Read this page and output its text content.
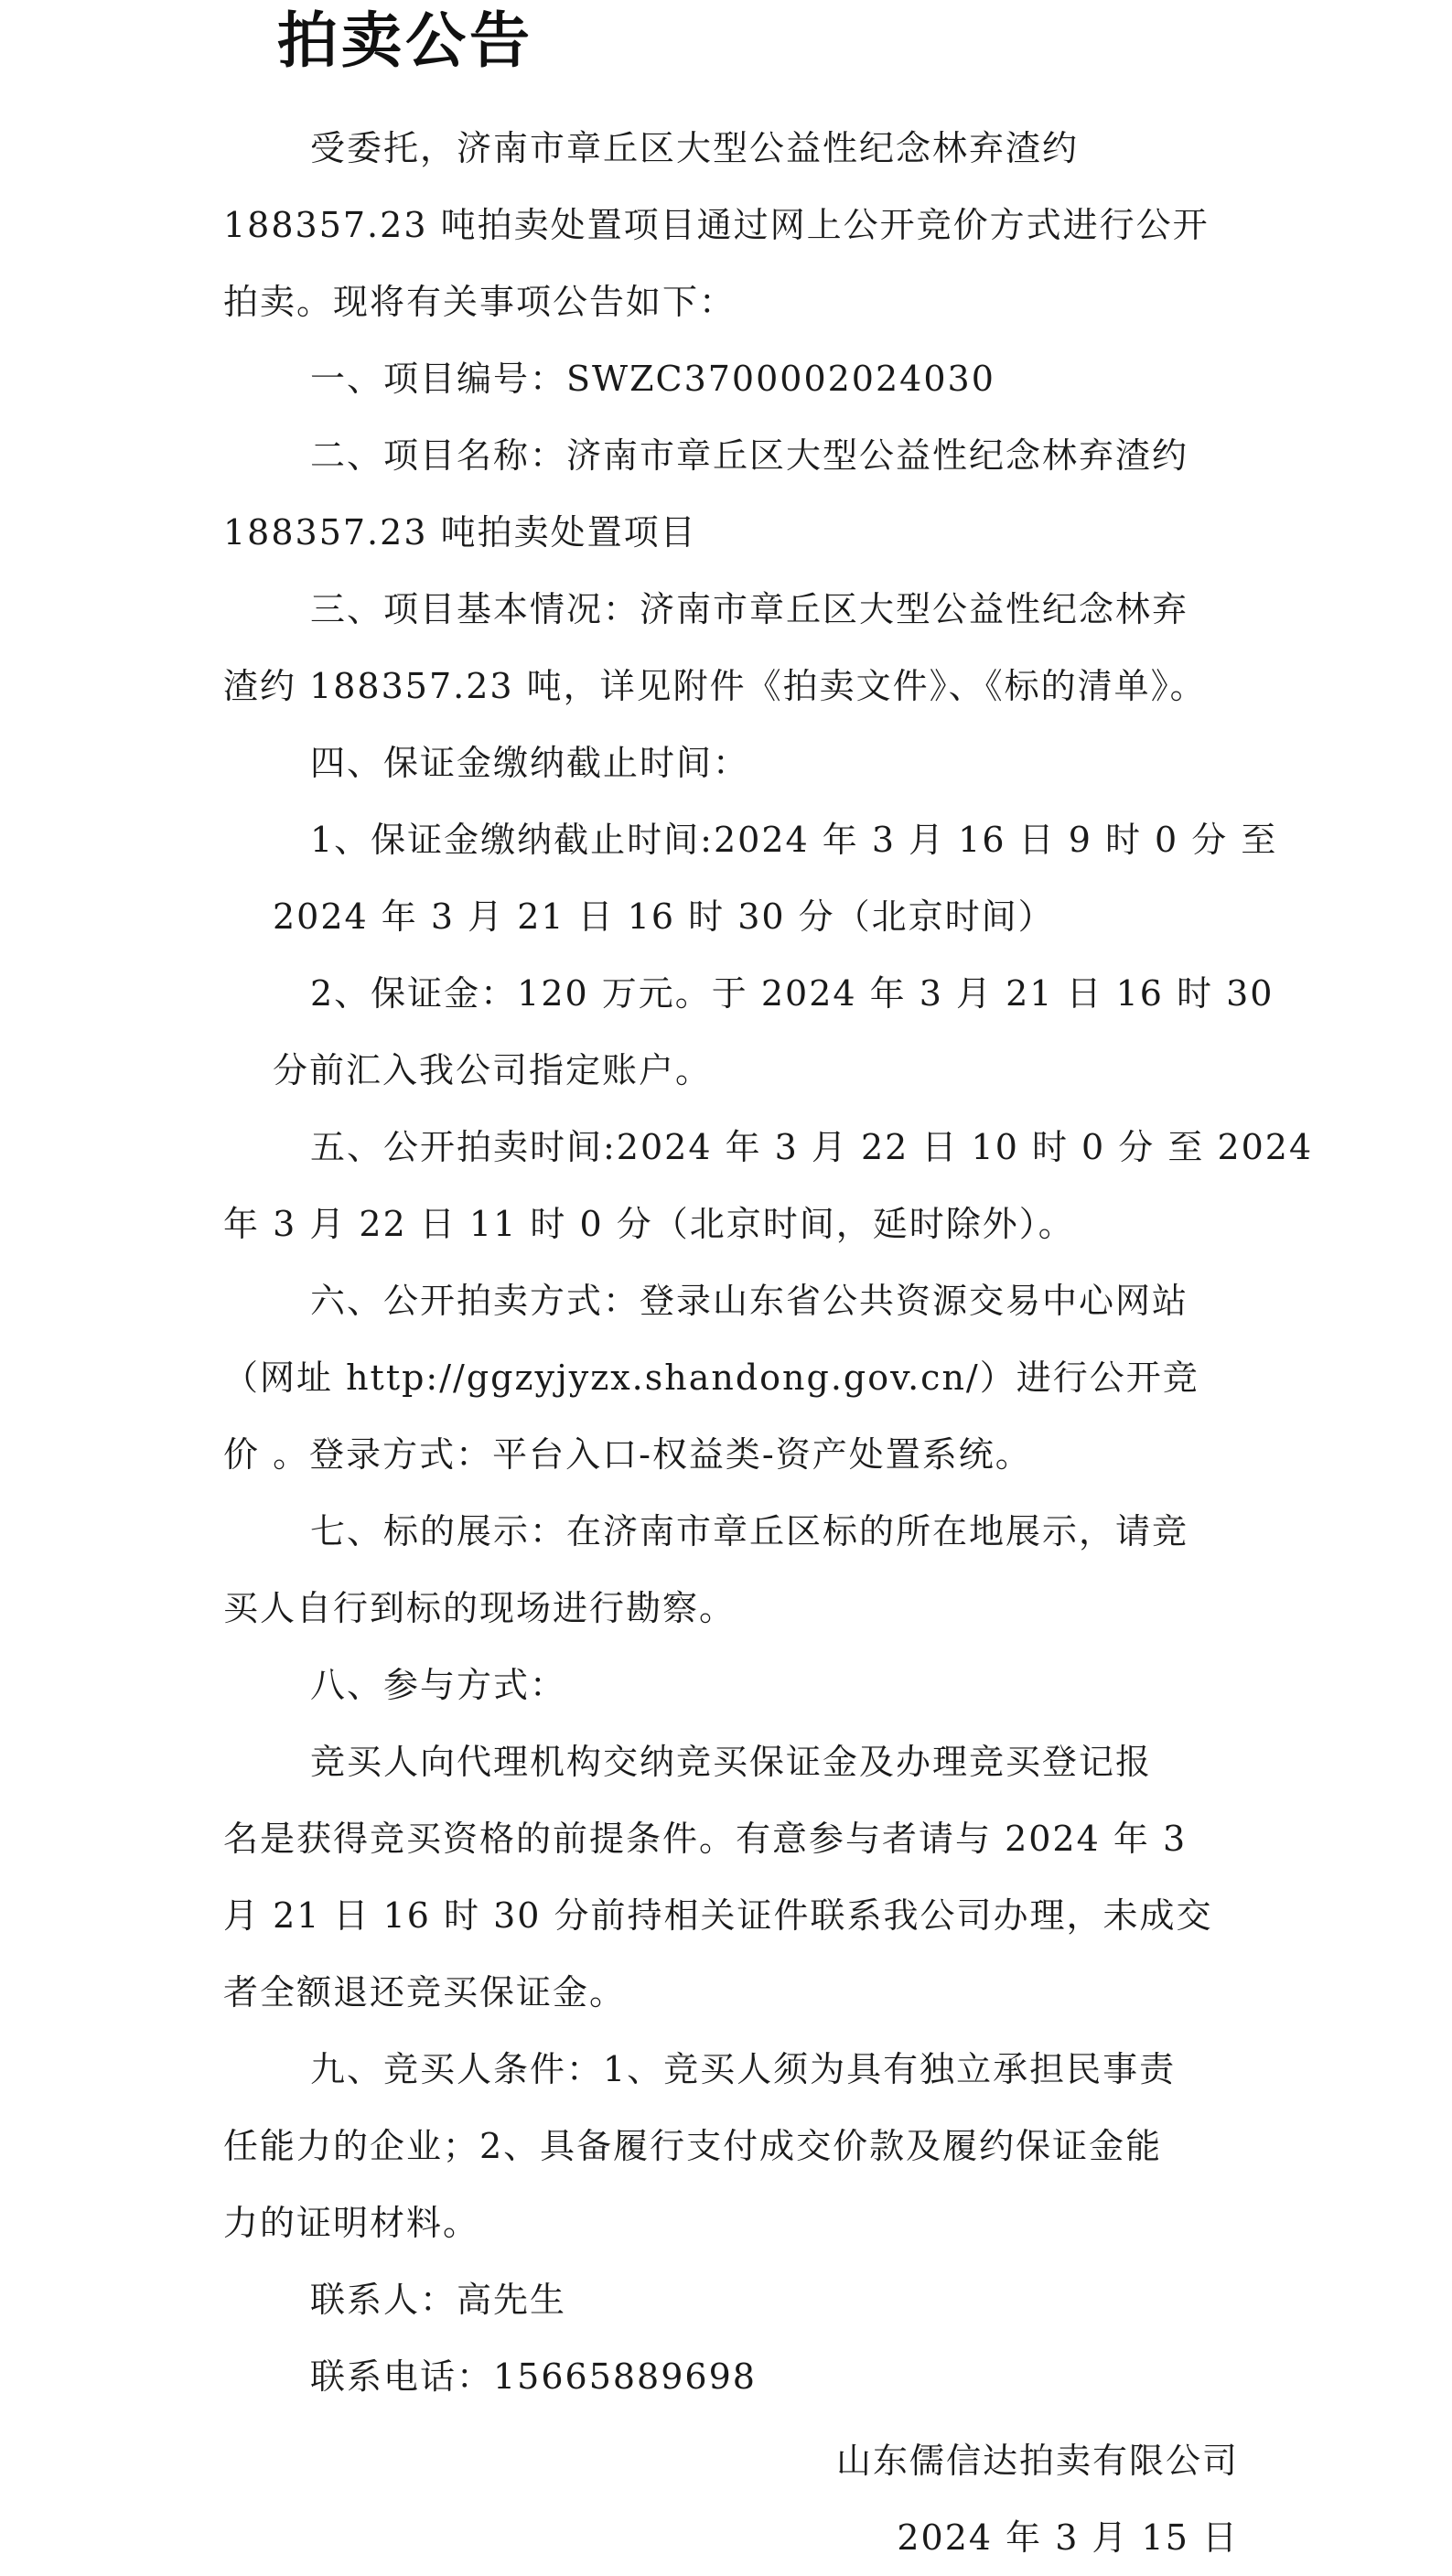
拍卖公告
受委托，济南市章丘区大型公益性纪念林弃渣约
188357.23 吨拍卖处置项目通过网上公开竞价方式进行公开
拍卖。现将有关事项公告如下：
一、项目编号：SWZC3700002024030
二、项目名称：济南市章丘区大型公益性纪念林弃渣约
188357.23 吨拍卖处置项目
三、项目基本情况：济南市章丘区大型公益性纪念林弃
渣约 188357.23 吨，详见附件《拍卖文件》、《标的清单》。
四、保证金缴纳截止时间：
1、保证金缴纳截止时间:2024 年 3 月 16 日 9 时 0 分 至
2024 年 3 月 21 日 16 时 30 分（北京时间）
2、保证金：120 万元。于 2024 年 3 月 21 日 16 时 30
分前汇入我公司指定账户。
五、公开拍卖时间:2024 年 3 月 22 日 10 时 0 分 至 2024
年 3 月 22 日 11 时 0 分（北京时间，延时除外）。
六、公开拍卖方式：登录山东省公共资源交易中心网站
（网址 http://ggzyjyzx.shandong.gov.cn/）进行公开竞
价 。登录方式：平台入口-权益类-资产处置系统。
七、标的展示：在济南市章丘区标的所在地展示，请竞
买人自行到标的现场进行勘察。
八、参与方式：
竞买人向代理机构交纳竞买保证金及办理竞买登记报
名是获得竞买资格的前提条件。有意参与者请与 2024 年 3
月 21 日 16 时 30 分前持相关证件联系我公司办理，未成交
者全额退还竞买保证金。
九、竞买人条件：1、竞买人须为具有独立承担民事责
任能力的企业；2、具备履行支付成交价款及履约保证金能
力的证明材料。
联系人：高先生
联系电话：15665889698
山东儒信达拍卖有限公司
2024 年 3 月 15 日
